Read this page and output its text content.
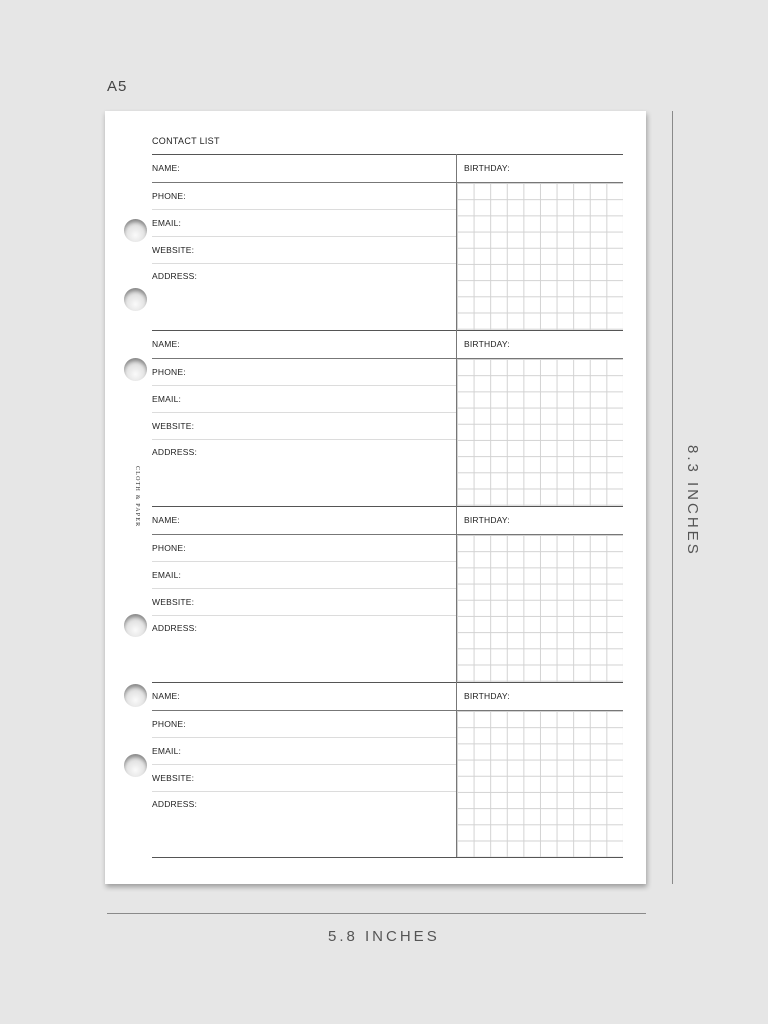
A5
CONTACT LIST
NAME:	BIRTHDAY:
PHONE:
EMAIL:
WEBSITE:
ADDRESS:
NAME:	BIRTHDAY:
PHONE:
EMAIL:
WEBSITE:
ADDRESS:
NAME:	BIRTHDAY:
PHONE:
EMAIL:
WEBSITE:
ADDRESS:
NAME:	BIRTHDAY:
PHONE:
EMAIL:
WEBSITE:
ADDRESS:
CLOTH & PAPER	8.3 INCHES
5.8 INCHES
